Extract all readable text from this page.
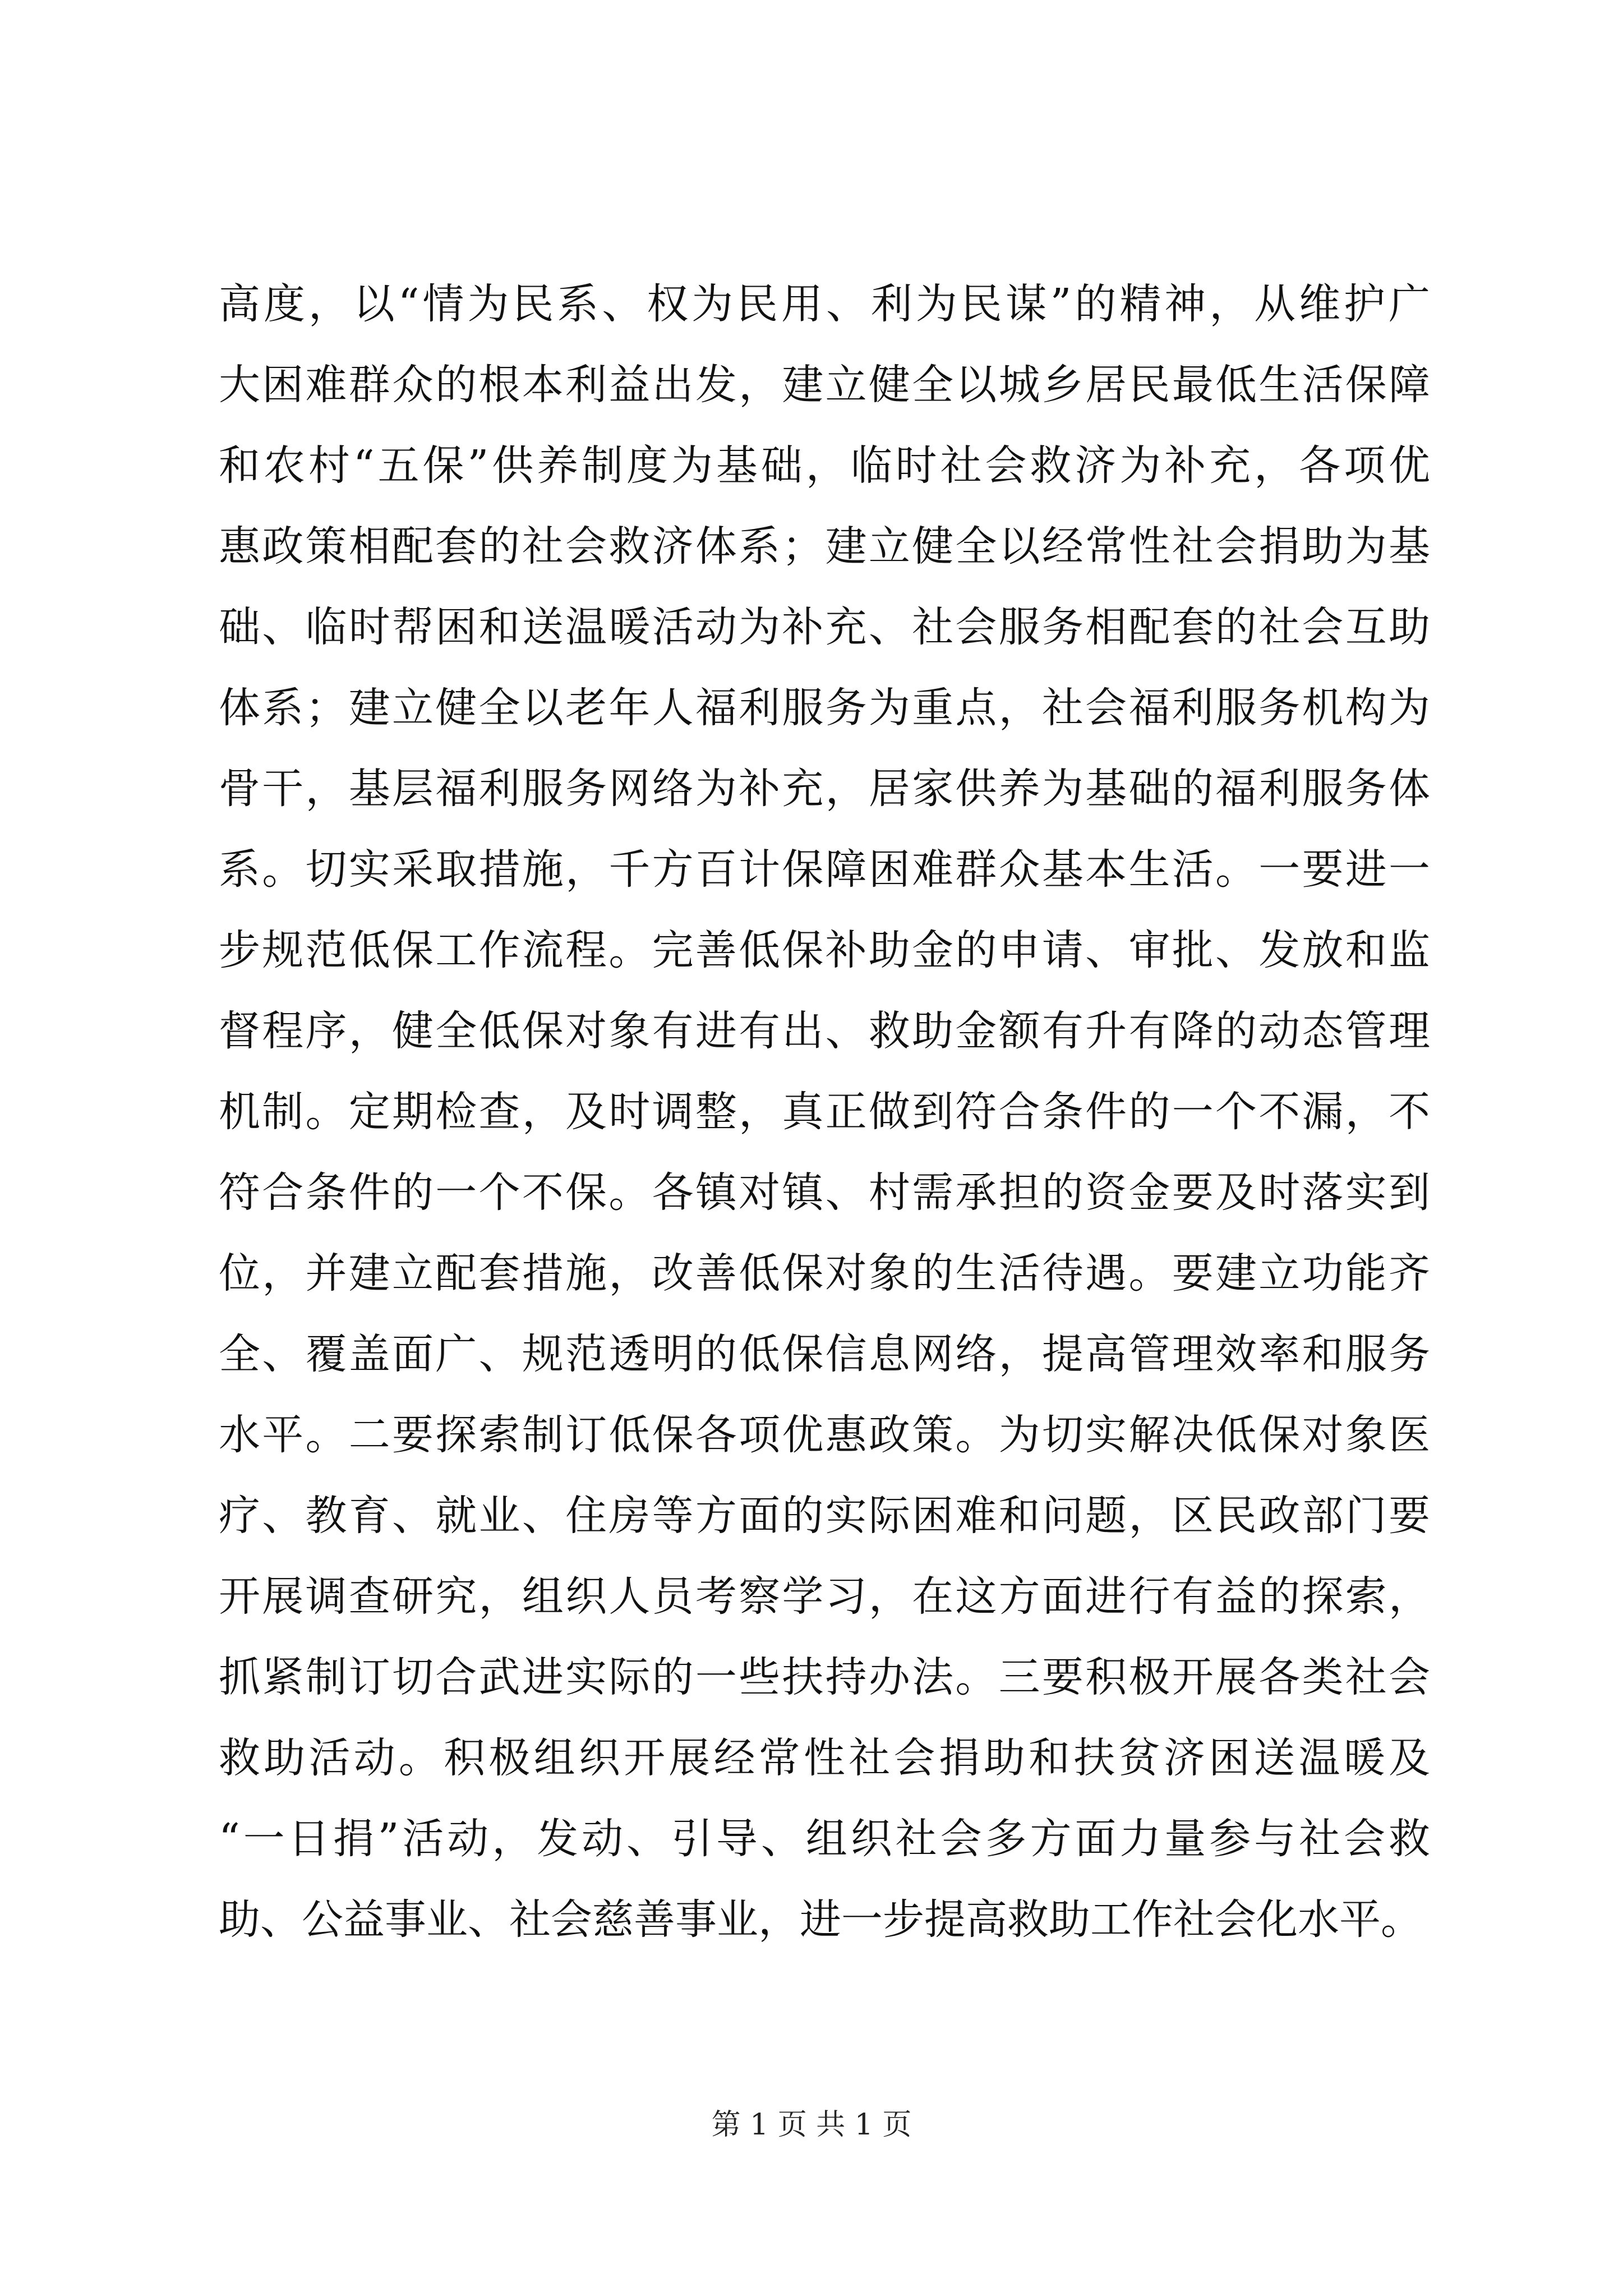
高度，以“情为民系、权为民用、利为民谋”的精神，从维护广
大困难群众的根本利益出发，建立健全以城乡居民最低生活保障
和农村“五保”供养制度为基础，临时社会救济为补充，各项优
惠政策相配套的社会救济体系；建立健全以经常性社会捐助为基
础、临时帮困和送温暖活动为补充、社会服务相配套的社会互助
体系；建立健全以老年人福利服务为重点，社会福利服务机构为
骨干，基层福利服务网络为补充，居家供养为基础的福利服务体
系。切实采取措施，千方百计保障困难群众基本生活。一要进一
步规范低保工作流程。完善低保补助金的申请、审批、发放和监
督程序，健全低保对象有进有出、救助金额有升有降的动态管理
机制。定期检查，及时调整，真正做到符合条件的一个不漏，不
符合条件的一个不保。各镇对镇、村需承担的资金要及时落实到
位，并建立配套措施，改善低保对象的生活待遇。要建立功能齐
全、覆盖面广、规范透明的低保信息网络，提高管理效率和服务
水平。二要探索制订低保各项优惠政策。为切实解决低保对象医
疗、教育、就业、住房等方面的实际困难和问题，区民政部门要
开展调查研究，组织人员考察学习，在这方面进行有益的探索，
抓紧制订切合武进实际的一些扶持办法。三要积极开展各类社会
救助活动。积极组织开展经常性社会捐助和扶贫济困送温暖及
“一日捐”活动，发动、引导、组织社会多方面力量参与社会救
助、公益事业、社会慈善事业，进一步提高救助工作社会化水平。
第 1 页 共 1 页
